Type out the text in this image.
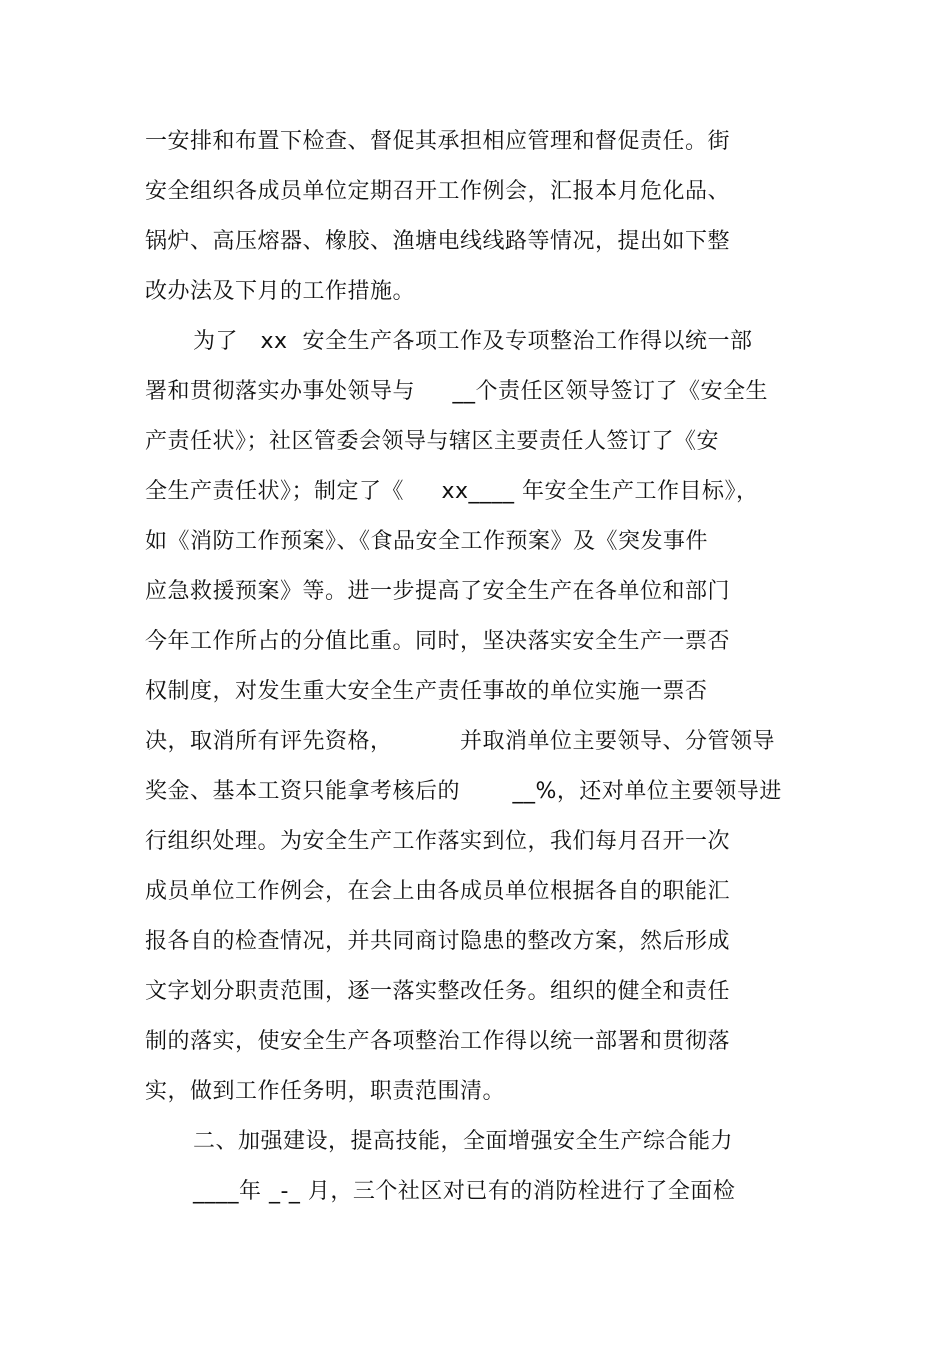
一安排和布置下检查、督促其承担相应管理和督促责任。街
安全组织各成员单位定期召开工作例会，汇报本月危化品、
锅炉、高压熔器、橡胶、渔塘电线线路等情况，提出如下整
改办法及下月的工作措施。
为了   xx  安全生产各项工作及专项整治工作得以统一部
署和贯彻落实办事处领导与     __个责任区领导签订了《安全生
产责任状》；社区管委会领导与辖区主要责任人签订了《安
全生产责任状》；制定了《     xx____ 年安全生产工作目标》，
如《消防工作预案》、《食品安全工作预案》及《突发事件
应急救援预案》等。进一步提高了安全生产在各单位和部门
今年工作所占的分值比重。同时，坚决落实安全生产一票否
权制度，对发生重大安全生产责任事故的单位实施一票否
决，取消所有评先资格，         并取消单位主要领导、分管领导
奖金、基本工资只能拿考核后的       __%，还对单位主要领导进
行组织处理。为安全生产工作落实到位，我们每月召开一次
成员单位工作例会，在会上由各成员单位根据各自的职能汇
报各自的检查情况，并共同商讨隐患的整改方案，然后形成
文字划分职责范围，逐一落实整改任务。组织的健全和责任
制的落实，使安全生产各项整治工作得以统一部署和贯彻落
实，做到工作任务明，职责范围清。
二、加强建设，提高技能，全面增强安全生产综合能力
____年 _-_ 月，三个社区对已有的消防栓进行了全面检
